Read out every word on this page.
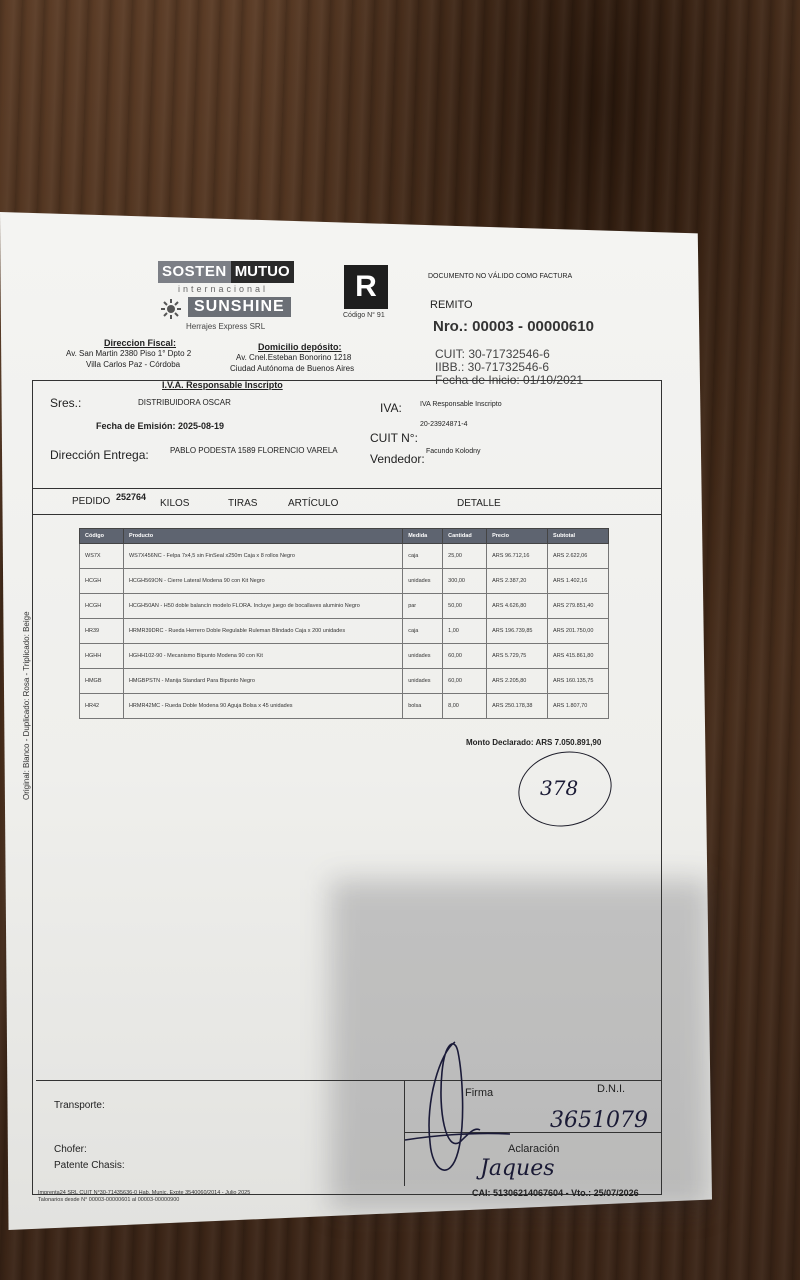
SOSTEN MUTUO
internacional
SUNSHINE
Herrajes Express SRL
R
Código N° 91
DOCUMENTO NO VÁLIDO COMO FACTURA
REMITO
Nro.: 00003 - 00000610
CUIT: 30-71732546-6
IIBB.: 30-71732546-6
Fecha de Inicio: 01/10/2021
Direccion Fiscal:
Av. San Martin 2380 Piso 1° Dpto 2
Villa Carlos Paz - Córdoba
Domicilio depósito:
Av. Cnel.Esteban Bonorino 1218
Ciudad Autónoma de Buenos Aires
I.V.A. Responsable Inscripto
Sres.:	DISTRIBUIDORA OSCAR	IVA:	IVA Responsable Inscripto
Fecha de Emisión: 2025-08-19	20-23924871-4
CUIT N°:
Dirección Entrega:	PABLO PODESTA 1589 FLORENCIO VARELA
Vendedor:
Facundo Kolodny
PEDIDO 252764
KILOS	TIRAS	ARTÍCULO	DETALLE
Código	Producto	Medida	Cantidad	Precio	Subtotal
WS7X	WS7X456NC - Felpa 7x4,5 sin FinSeal x250m Caja x 8 rollos Negro	caja	25,00	ARS 96.712,16	ARS 2.622,06
HCGH	HCGH569ON - Cierre Lateral Modena 90 con Kit Negro	unidades	300,00	ARS 2.387,20	ARS 1.402,16
HCGH	HCGH50AN - H50 doble balancín modelo FLORA. Incluye juego de bocallaves aluminio Negro	par	50,00	ARS 4.626,80	ARS 279.851,40
HR39	HRMR39DRC - Rueda Herrero Doble Regulable Ruleman Blindado Caja x 200 unidades	caja	1,00	ARS 196.739,85	ARS 201.750,00
HGHH	HGHH102-90 - Mecanismo Bipunto Modena 90 con Kit	unidades	60,00	ARS 5.729,75	ARS 415.861,80
HMGB	HMGBPSTN - Manija Standard Para Bipunto Negro	unidades	60,00	ARS 2.205,80	ARS 160.135,75
HR42	HRMR42MC - Rueda Doble Modena 90 Aguja Bolsa x 45 unidades	bolsa	8,00	ARS 250.178,38	ARS 1.807,70
Monto Declarado: ARS 7.050.891,90
378
Original: Blanco - Duplicado: Rosa - Triplicado: Beige
Transporte:
Chofer:
Patente Chasis:
Firma	D.N.I.
Aclaración
3651079
Jaques
Imprenta24 SRL CUIT N°30-71435636-0 Hab. Munic. Expte 3540060/2014 - Julio 2025
Talonarios desde N° 00003-00000601 al 00003-00000900
CAI: 51306214067604 - Vto.: 25/07/2026
